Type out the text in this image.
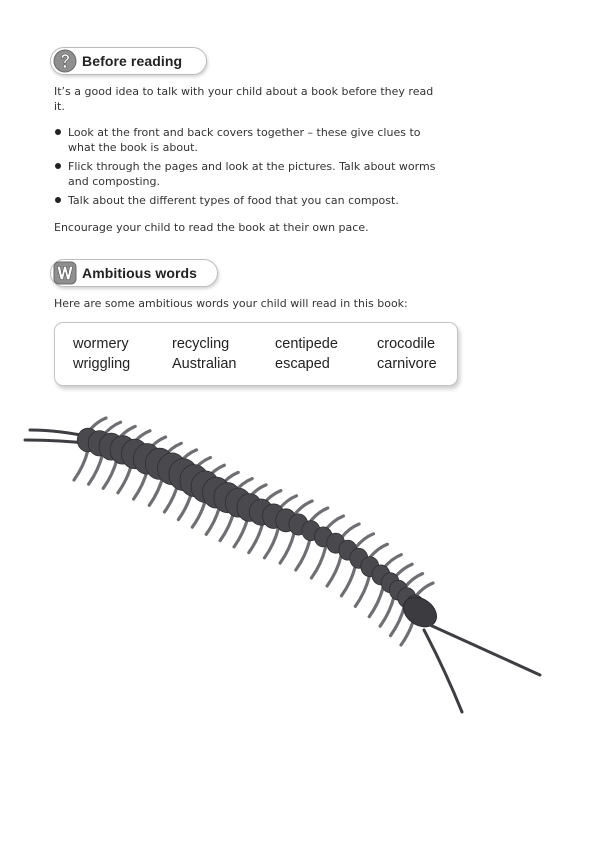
Before reading

It’s a good idea to talk with your child about a book before they read it.

Look at the front and back covers together – these give clues to what the book is about.
Flick through the pages and look at the pictures. Talk about worms and composting.
Talk about the different types of food that you can compost.

Encourage your child to read the book at their own pace.

Ambitious words

Here are some ambitious words your child will read in this book:

wormery
wriggling
recycling
Australian
centipede
escaped
crocodile
carnivore
